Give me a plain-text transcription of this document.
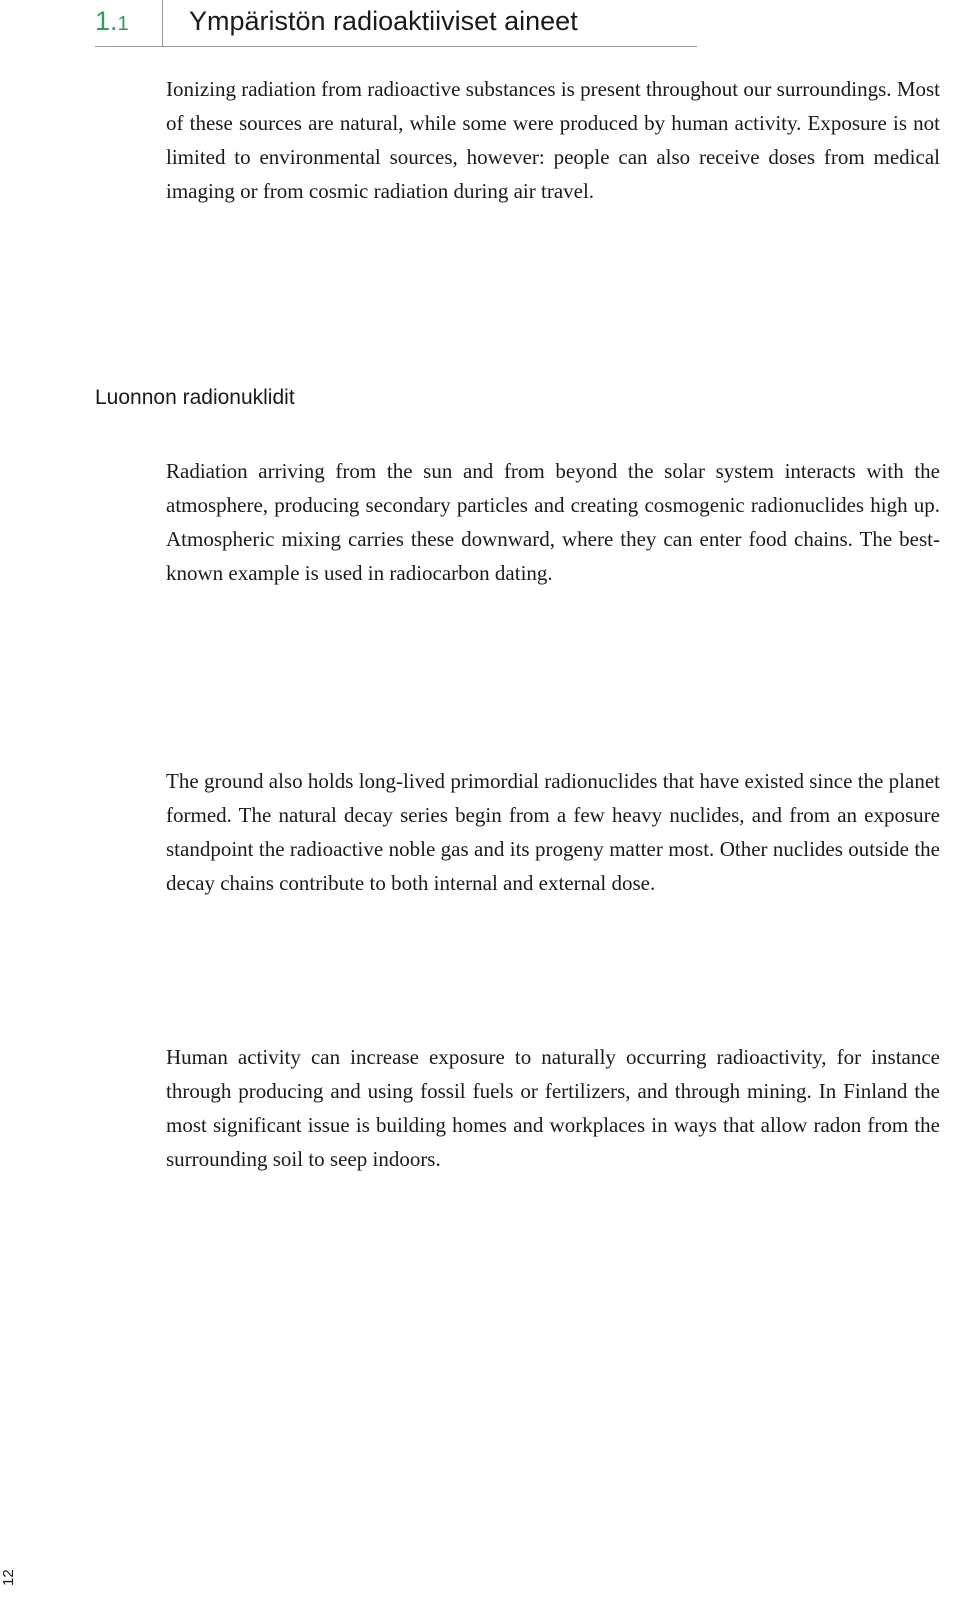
1.1 Ympäristön radioaktiiviset aineet

Ionizing radiation from radioactive substances is present throughout our surroundings. Most of these sources are natural, while some were produced by human activity. Exposure is not limited to environmental sources, however: people can also receive doses from medical imaging or from cosmic radiation during air travel.

Luonnon radionuklidit

Radiation arriving from the sun and from beyond the solar system interacts with the atmosphere, producing secondary particles and creating cosmogenic radionuclides high up. Atmospheric mixing carries these downward, where they can enter food chains. The best-known example is used in radiocarbon dating.

The ground also holds long-lived primordial radionuclides that have existed since the planet formed. The natural decay series begin from a few heavy nuclides, and from an exposure standpoint the radioactive noble gas and its progeny matter most. Other nuclides outside the decay chains contribute to both internal and external dose.

Human activity can increase exposure to naturally occurring radioactivity, for instance through producing and using fossil fuels or fertilizers, and through mining. In Finland the most significant issue is building homes and workplaces in ways that allow radon from the surrounding soil to seep indoors.

12
